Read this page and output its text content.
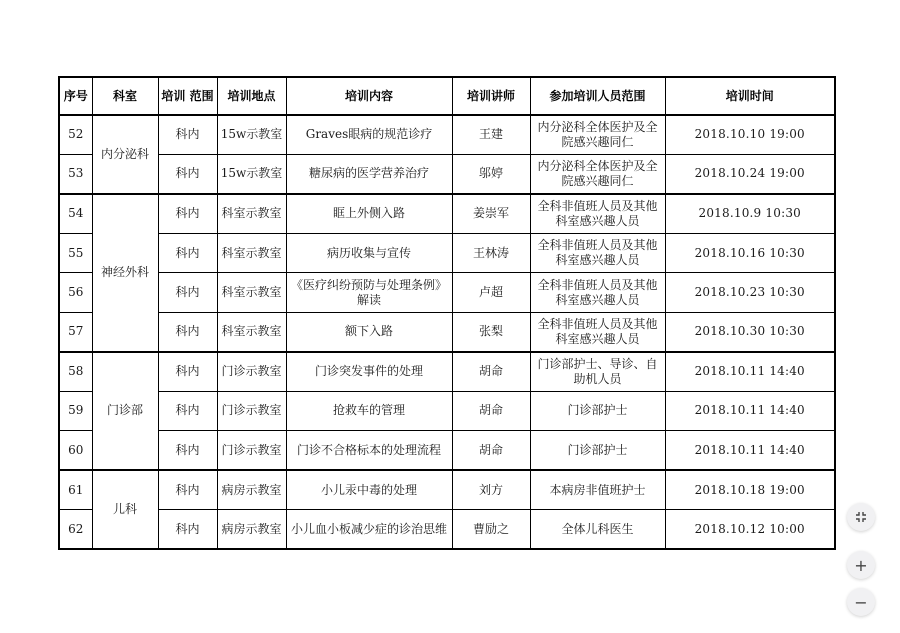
序号	科室	培训 范围	培训地点	培训内容	培训讲师	参加培训人员范围	培训时间
52	内分泌科	科内	15w示教室	Graves眼病的规范诊疗	王建	内分泌科全体医护及全院感兴趣同仁	2018.10.10 19:00
53		科内	15w示教室	糖尿病的医学营养治疗	邬婷	内分泌科全体医护及全院感兴趣同仁	2018.10.24 19:00
54	神经外科	科内	科室示教室	眶上外侧入路	姜崇军	全科非值班人员及其他科室感兴趣人员	2018.10.9 10:30
55		科内	科室示教室	病历收集与宣传	王林涛	全科非值班人员及其他科室感兴趣人员	2018.10.16 10:30
56		科内	科室示教室	《医疗纠纷预防与处理条例》解读	卢超	全科非值班人员及其他科室感兴趣人员	2018.10.23 10:30
57		科内	科室示教室	额下入路	张梨	全科非值班人员及其他科室感兴趣人员	2018.10.30 10:30
58	门诊部	科内	门诊示教室	门诊突发事件的处理	胡命	门诊部护士、导诊、自助机人员	2018.10.11 14:40
59		科内	门诊示教室	抢救车的管理	胡命	门诊部护士	2018.10.11 14:40
60		科内	门诊示教室	门诊不合格标本的处理流程	胡命	门诊部护士	2018.10.11 14:40
61	儿科	科内	病房示教室	小儿汞中毒的处理	刘方	本病房非值班护士	2018.10.18 19:00
62		科内	病房示教室	小儿血小板减少症的诊治思维	曹励之	全体儿科医生	2018.10.12 10:00
+
−
